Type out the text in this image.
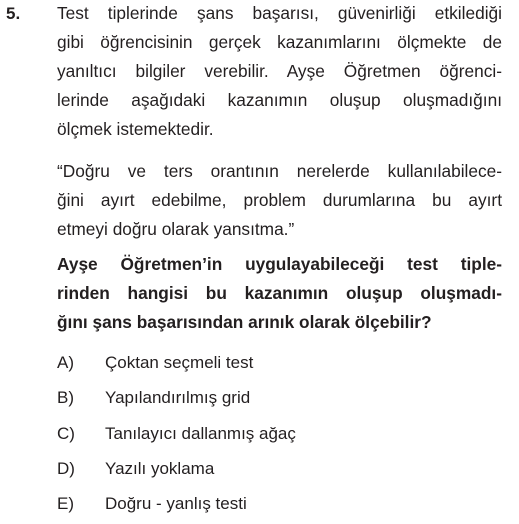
5. Test tiplerinde şans başarısı, güvenirliği etkilediği
gibi öğrencisinin gerçek kazanımlarını ölçmekte de
yanıltıcı bilgiler verebilir. Ayşe Öğretmen öğrenci-
lerinde aşağıdaki kazanımın oluşup oluşmadığını
ölçmek istemektedir.
“Doğru ve ters orantının nerelerde kullanılabilece-
ğini ayırt edebilme, problem durumlarına bu ayırt
etmeyi doğru olarak yansıtma.”
Ayşe Öğretmen’in uygulayabileceği test tiple-
rinden hangisi bu kazanımın oluşup oluşmadı-
ğını şans başarısından arınık olarak ölçebilir?
A) Çoktan seçmeli test
B) Yapılandırılmış grid
C) Tanılayıcı dallanmış ağaç
D) Yazılı yoklama
E) Doğru - yanlış testi
